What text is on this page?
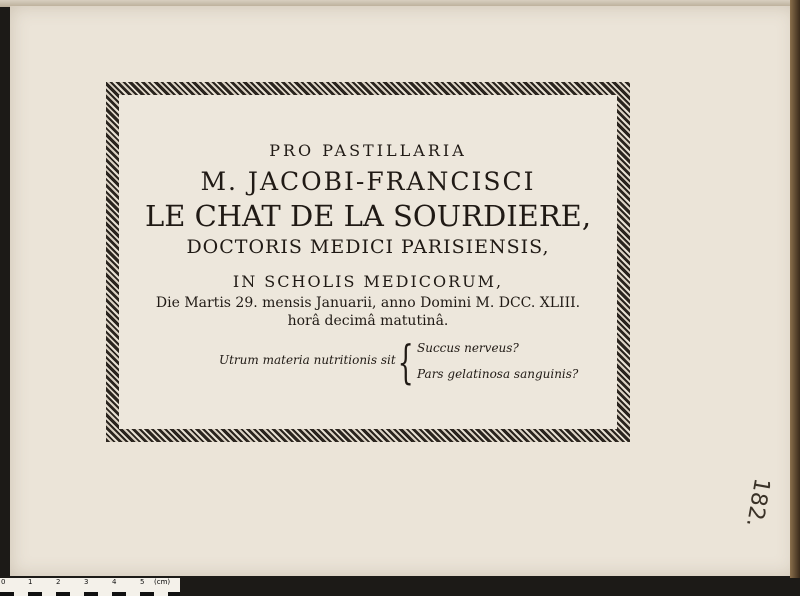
PRO PASTILLARIA
M. JACOBI-FRANCISCI
LE CHAT DE LA SOURDIERE,
DOCTORIS MEDICI PARISIENSIS,
IN SCHOLIS MEDICORUM,
Die Martis 29. mensis Januarii, anno Domini M. DCC. XLIII.
horâ decimâ matutinâ.
Utrum materia nutritionis sit { Succus nerveus?
Pars gelatinosa sanguinis?
182.
0	1	2	3	4	5 (cm)
